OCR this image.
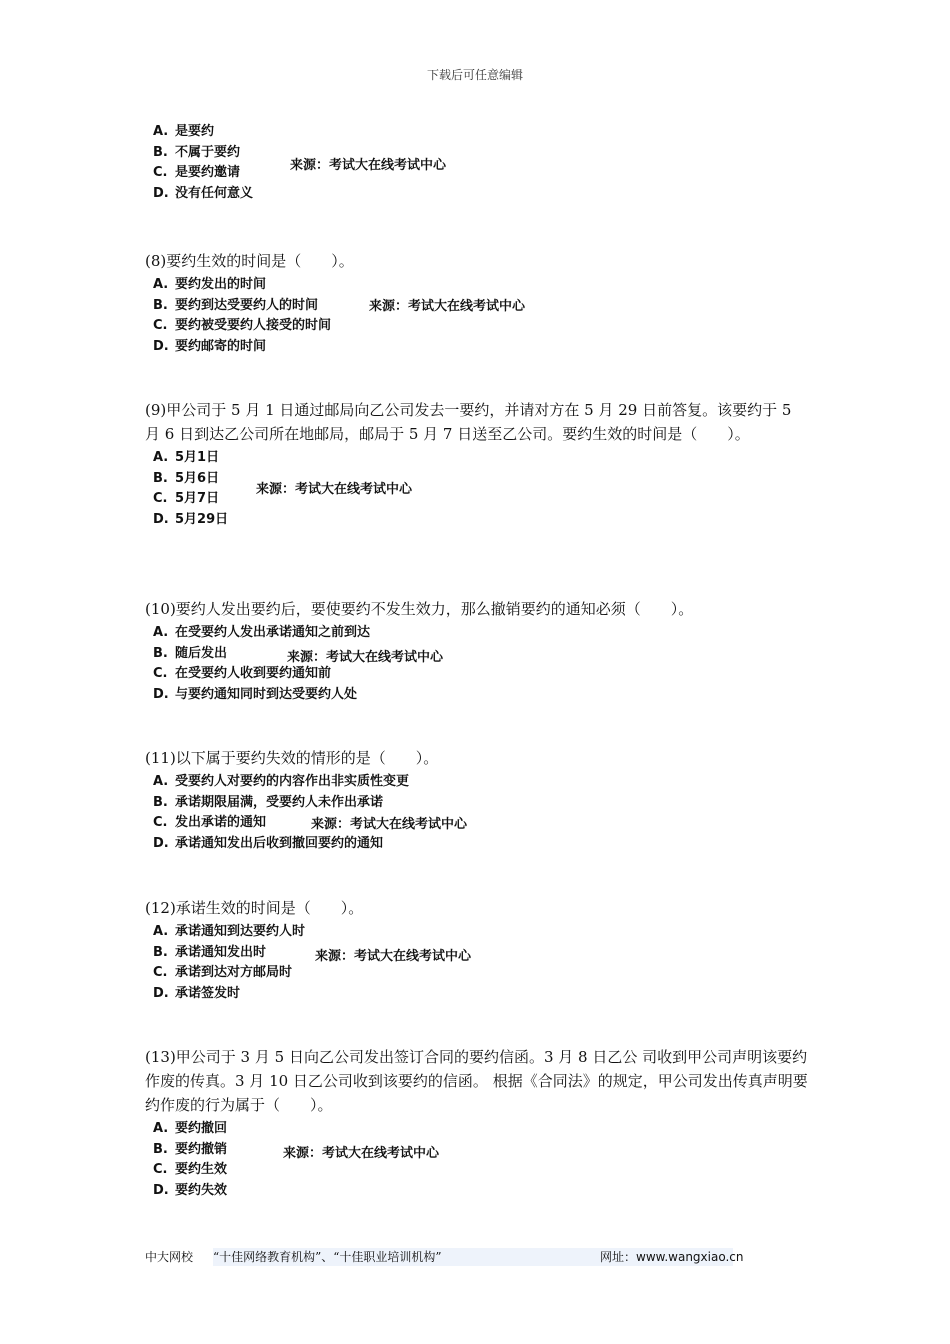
下载后可任意编辑
A. 是要约
B. 不属于要约
C. 是要约邀请
D. 没有任何意义
来源：考试大在线考试中心

(8)要约生效的时间是（　　）。

A. 要约发出的时间
B. 要约到达受要约人的时间
C. 要约被受要约人接受的时间
D. 要约邮寄的时间
来源：考试大在线考试中心

(9)甲公司于 5 月 1 日通过邮局向乙公司发去一要约，并请对方在 5 月 29 日前答复。该要约于 5 月 6 日到达乙公司所在地邮局，邮局于 5 月 7 日送至乙公司。要约生效的时间是（　　）。

A. 5月1日
B. 5月6日
C. 5月7日
D. 5月29日
来源：考试大在线考试中心

(10)要约人发出要约后，要使要约不发生效力，那么撤销要约的通知必须（　　）。

A. 在受要约人发出承诺通知之前到达
B. 随后发出
C. 在受要约人收到要约通知前
D. 与要约通知同时到达受要约人处
来源：考试大在线考试中心

(11)以下属于要约失效的情形的是（　　）。

A. 受要约人对要约的内容作出非实质性变更
B. 承诺期限届满，受要约人未作出承诺
C. 发出承诺的通知
D. 承诺通知发出后收到撤回要约的通知
来源：考试大在线考试中心

(12)承诺生效的时间是（　　）。

A. 承诺通知到达要约人时
B. 承诺通知发出时
C. 承诺到达对方邮局时
D. 承诺签发时
来源：考试大在线考试中心

(13)甲公司于 3 月 5 日向乙公司发出签订合同的要约信函。3 月 8 日乙公 司收到甲公司声明该要约作废的传真。3 月 10 日乙公司收到该要约的信函。 根据《合同法》的规定，甲公司发出传真声明要约作废的行为属于（　　）。

A. 要约撤回
B. 要约撤销
C. 要约生效
D. 要约失效
来源：考试大在线考试中心
中大网校 “十佳网络教育机构”、“十佳职业培训机构”	网址：www.wangxiao.cn
